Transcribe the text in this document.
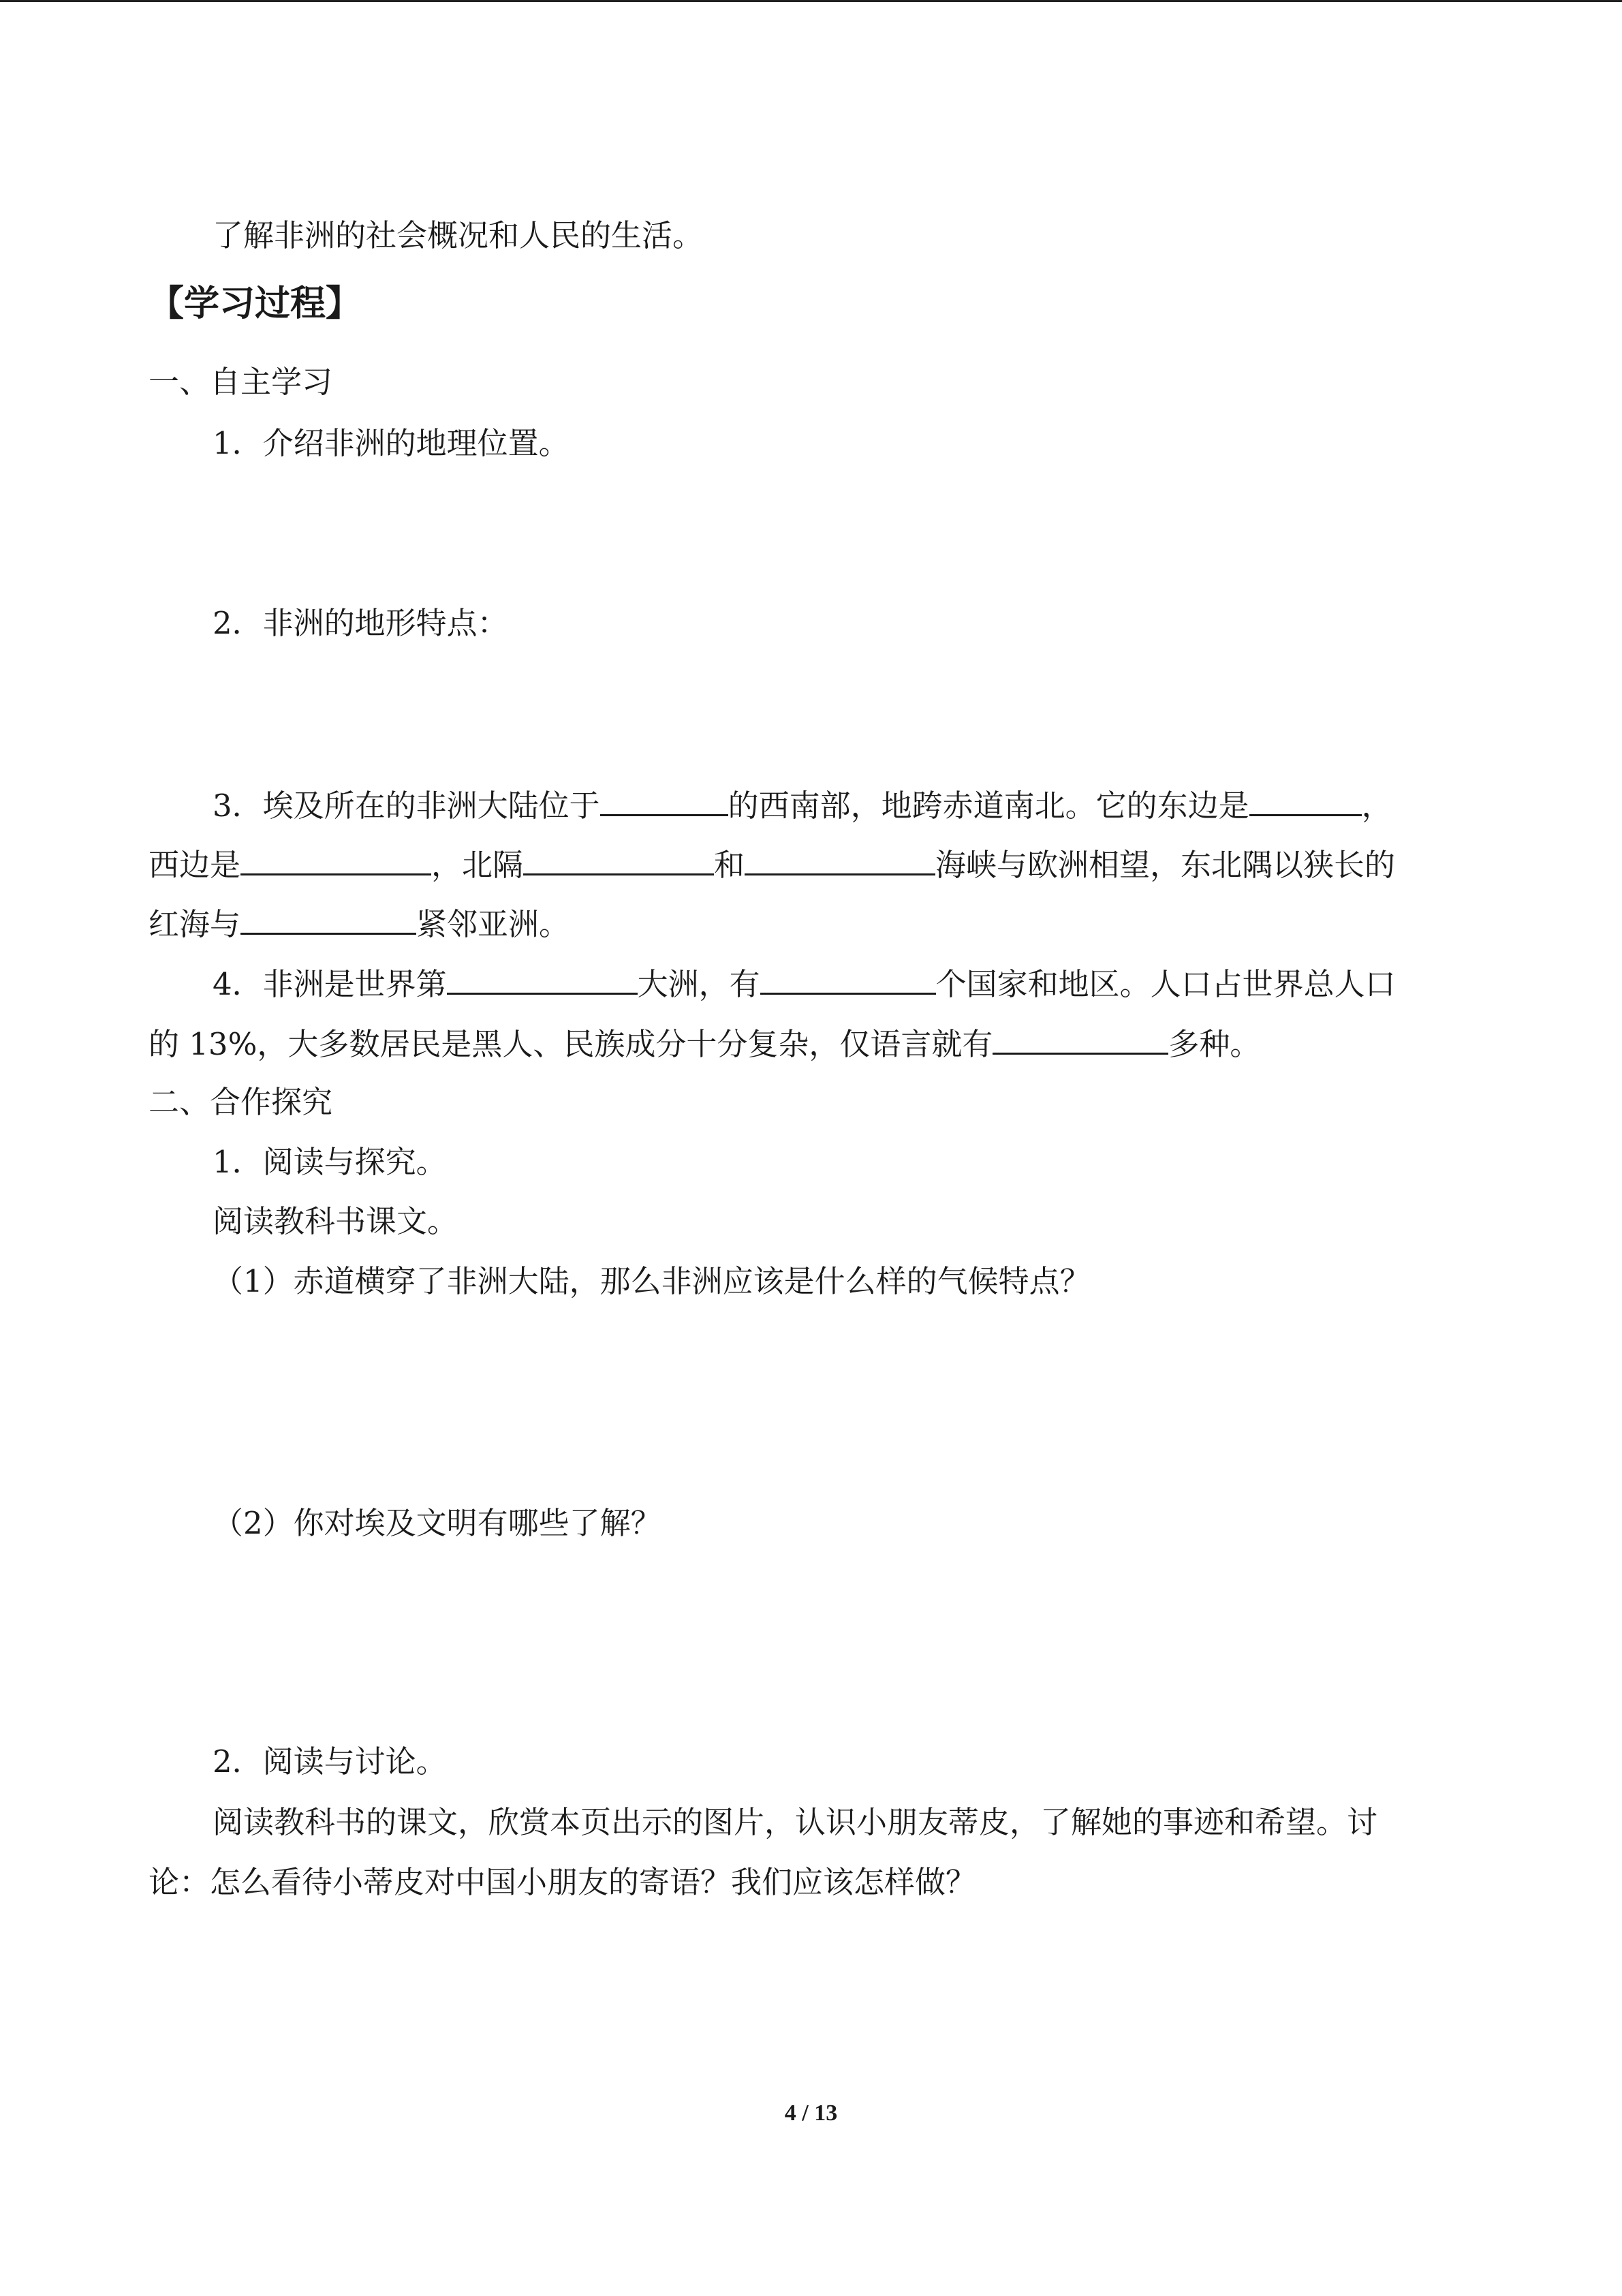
了解非洲的社会概况和人民的生活。
【学习过程】
一、自主学习
1．介绍非洲的地理位置。
2．非洲的地形特点：
3．埃及所在的非洲大陆位于	的西南部，地跨赤道南北。它的东边是	，
西边是	，北隔	和	海峡与欧洲相望，东北隅以狭长的
红海与	紧邻亚洲。
4．非洲是世界第	大洲，有	个国家和地区。人口占世界总人口
的 13%，大多数居民是黑人、民族成分十分复杂，仅语言就有	多种。
二、合作探究
1．阅读与探究。
阅读教科书课文。
（1）赤道横穿了非洲大陆，那么非洲应该是什么样的气候特点？
（2）你对埃及文明有哪些了解？
2．阅读与讨论。
阅读教科书的课文，欣赏本页出示的图片，认识小朋友蒂皮，了解她的事迹和希望。讨
论：怎么看待小蒂皮对中国小朋友的寄语？我们应该怎样做？
4 / 13
